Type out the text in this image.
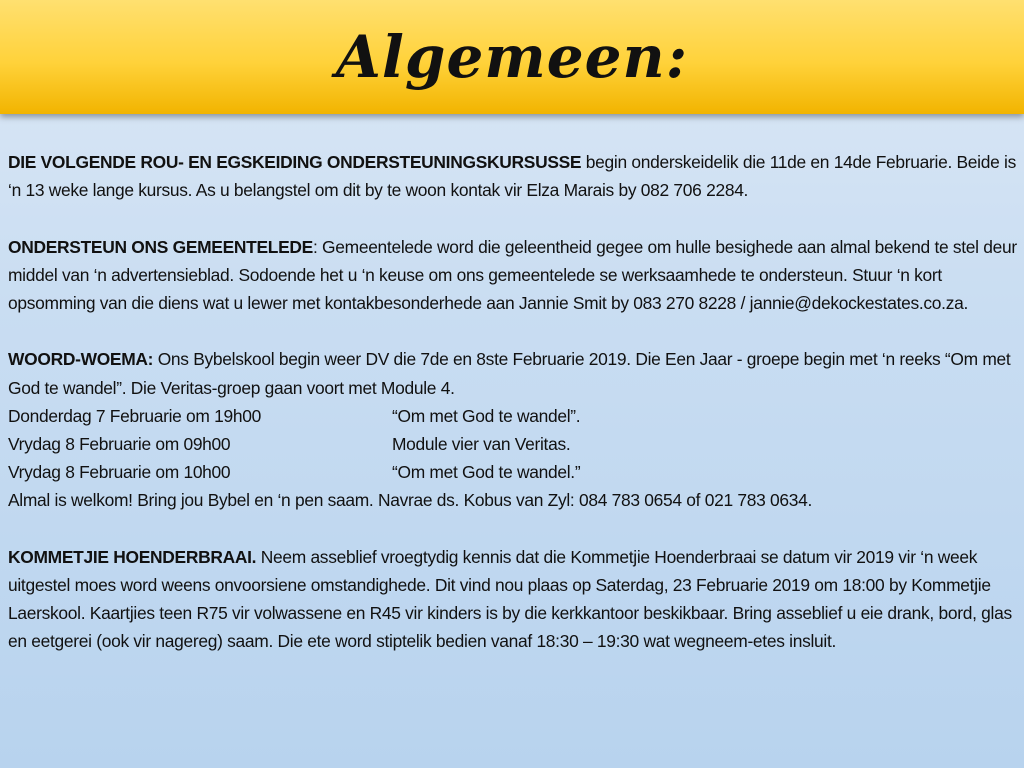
Algemeen:

DIE VOLGENDE ROU- EN EGSKEIDING ONDERSTEUNINGSKURSUSSE begin onderskeidelik die 11de en 14de Februarie. Beide is ‘n 13 weke lange kursus. As u belangstel om dit by te woon kontak vir Elza Marais by 082 706 2284.

ONDERSTEUN ONS GEMEENTELEDE: Gemeentelede word die geleentheid gegee om hulle besighede aan almal bekend te stel deur middel van ‘n advertensieblad. Sodoende het u ‘n keuse om ons gemeentelede se werksaamhede te ondersteun. Stuur ‘n kort opsomming van die diens wat u lewer met kontakbesonderhede aan Jannie Smit by 083 270 8228 / jannie@dekockestates.co.za.

WOORD-WOEMA: Ons Bybelskool begin weer DV die 7de en 8ste Februarie 2019. Die Een Jaar - groepe begin met ‘n reeks “Om met God te wandel”. Die Veritas-groep gaan voort met Module 4.
Donderdag 7 Februarie om 19h00	“Om met God te wandel”.
Vrydag 8 Februarie om 09h00	Module vier van Veritas.
Vrydag 8 Februarie om 10h00	“Om met God te wandel.”
Almal is welkom! Bring jou Bybel en ‘n pen saam. Navrae ds. Kobus van Zyl: 084 783 0654 of 021 783 0634.

KOMMETJIE HOENDERBRAAI. Neem asseblief vroegtydig kennis dat die Kommetjie Hoenderbraai se datum vir 2019 vir ‘n week uitgestel moes word weens onvoorsiene omstandighede. Dit vind nou plaas op Saterdag, 23 Februarie 2019 om 18:00 by Kommetjie Laerskool. Kaartjies teen R75 vir volwassene en R45 vir kinders is by die kerkkantoor beskikbaar. Bring asseblief u eie drank, bord, glas en eetgerei (ook vir nagereg) saam. Die ete word stiptelik bedien vanaf 18:30 – 19:30 wat wegneem-etes insluit.
